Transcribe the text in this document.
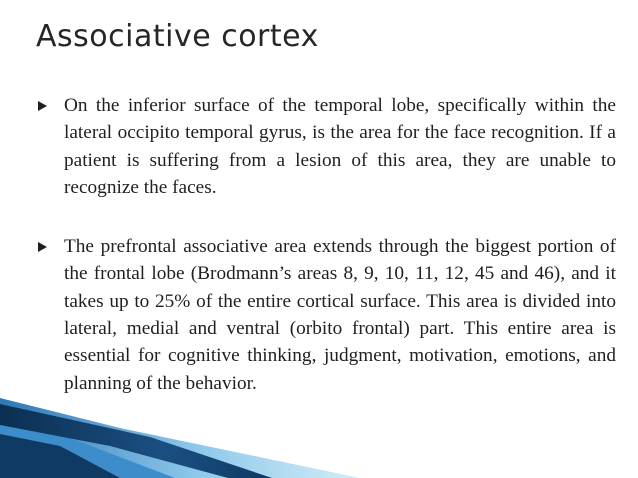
Associative cortex
On the inferior surface of the temporal lobe, specifically within the lateral occipito temporal gyrus, is the area for the face recognition. If a patient is suffering from a lesion of this area, they are unable to recognize the faces.
The prefrontal associative area extends through the biggest portion of the frontal lobe (Brodmann’s areas 8, 9, 10, 11, 12, 45 and 46), and it takes up to 25% of the entire cortical surface. This area is divided into lateral, medial and ventral (orbito frontal) part. This entire area is essential for cognitive thinking, judgment, motivation, emotions, and planning of the behavior.
